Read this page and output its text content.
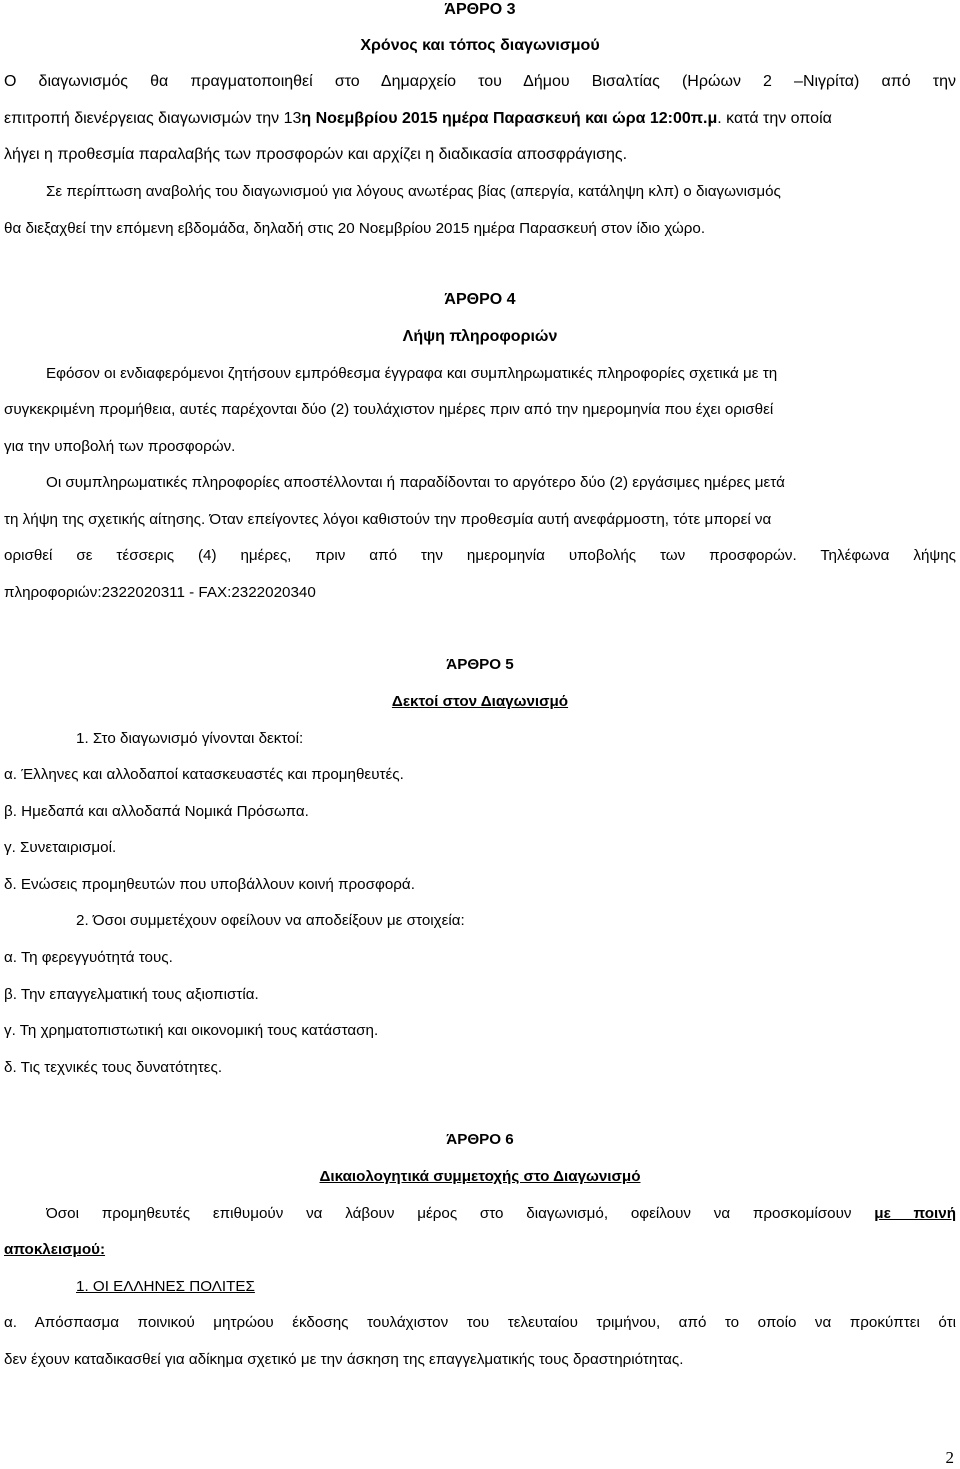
ΆΡΘΡΟ 3
Χρόνος και τόπος διαγωνισμού
Ο διαγωνισμός θα πραγματοποιηθεί στο Δημαρχείο του Δήμου Βισαλτίας (Ηρώων 2 –Νιγρίτα) από την
επιτροπή διενέργειας διαγωνισμών την 13η Νοεμβρίου 2015 ημέρα Παρασκευή και ώρα 12:00π.μ. κατά την οποία
λήγει η προθεσμία παραλαβής των προσφορών και αρχίζει η διαδικασία αποσφράγισης.
Σε περίπτωση αναβολής του διαγωνισμού για λόγους ανωτέρας βίας (απεργία, κατάληψη κλπ) ο διαγωνισμός
θα διεξαχθεί την επόμενη εβδομάδα, δηλαδή στις 20 Νοεμβρίου 2015 ημέρα Παρασκευή στον ίδιο χώρο.
ΆΡΘΡΟ 4
Λήψη πληροφοριών
Εφόσον οι ενδιαφερόμενοι ζητήσουν εμπρόθεσμα έγγραφα και συμπληρωματικές πληροφορίες σχετικά με τη
συγκεκριμένη προμήθεια, αυτές παρέχονται δύο (2) τουλάχιστον ημέρες πριν από την ημερομηνία που έχει ορισθεί
για την υποβολή των προσφορών.
Οι συμπληρωματικές πληροφορίες αποστέλλονται ή παραδίδονται το αργότερο δύο (2) εργάσιμες ημέρες μετά
τη λήψη της σχετικής αίτησης. Όταν επείγοντες λόγοι καθιστούν την προθεσμία αυτή ανεφάρμοστη, τότε μπορεί να
ορισθεί σε τέσσερις (4) ημέρες, πριν από την ημερομηνία υποβολής των προσφορών. Τηλέφωνα λήψης
πληροφοριών:2322020311 - FAX:2322020340
ΆΡΘΡΟ 5
Δεκτοί στον Διαγωνισμό
1. Στο διαγωνισμό γίνονται δεκτοί:
α. Έλληνες και αλλοδαποί κατασκευαστές και προμηθευτές.
β. Ημεδαπά και αλλοδαπά Νομικά Πρόσωπα.
γ. Συνεταιρισμοί.
δ. Ενώσεις προμηθευτών που υποβάλλουν κοινή προσφορά.
2. Όσοι συμμετέχουν οφείλουν να αποδείξουν με στοιχεία:
α. Τη φερεγγυότητά τους.
β. Την επαγγελματική τους αξιοπιστία.
γ. Τη χρηματοπιστωτική και οικονομική τους κατάσταση.
δ. Τις τεχνικές τους δυνατότητες.
ΆΡΘΡΟ 6
Δικαιολογητικά συμμετοχής στο Διαγωνισμό
Όσοι προμηθευτές επιθυμούν να λάβουν μέρος στο διαγωνισμό, οφείλουν να προσκομίσουν με ποινή
αποκλεισμού:
1. ΟΙ ΕΛΛΗΝΕΣ ΠΟΛΙΤΕΣ
α. Απόσπασμα ποινικού μητρώου έκδοσης τουλάχιστον του τελευταίου τριμήνου, από το οποίο να προκύπτει ότι
δεν έχουν καταδικασθεί για αδίκημα σχετικό με την άσκηση της επαγγελματικής τους δραστηριότητας.
2
